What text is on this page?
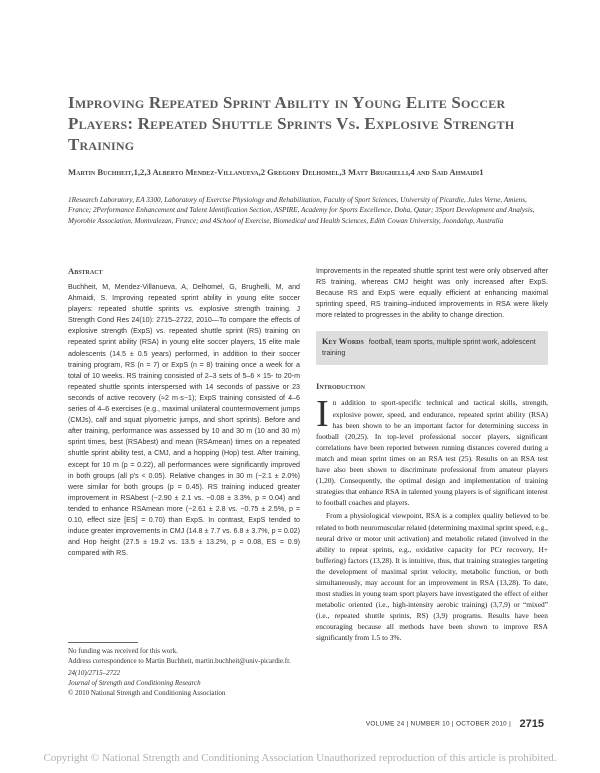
Improving Repeated Sprint Ability in Young Elite Soccer Players: Repeated Shuttle Sprints Vs. Explosive Strength Training
Martin Buchheit,1,2,3 Alberto Mendez-Villanueva,2 Gregory Delhomel,3 Matt Brughelli,4 and Said Ahmaidi1
1Research Laboratory, EA 3300, Laboratory of Exercise Physiology and Rehabilitation, Faculty of Sport Sciences, University of Picardie, Jules Verne, Amiens, France; 2Performance Enhancement and Talent Identification Section, ASPIRE, Academy for Sports Excellence, Doha, Qatar; 3Sport Development and Analysis, Myorobie Association, Montvalezan, France; and 4School of Exercise, Biomedical and Health Sciences, Edith Cowan University, Joondalup, Australia
Abstract

Buchheit, M, Mendez-Villanueva, A, Delhomel, G, Brughelli, M, and Ahmaidi, S. Improving repeated sprint ability in young elite soccer players: repeated shuttle sprints vs. explosive strength training. J Strength Cond Res 24(10): 2715–2722, 2010—To compare the effects of explosive strength (ExpS) vs. repeated shuttle sprint (RS) training on repeated sprint ability (RSA) in young elite soccer players, 15 elite male adolescents (14.5 ± 0.5 years) performed, in addition to their soccer training program, RS (n = 7) or ExpS (n = 8) training once a week for a total of 10 weeks. RS training consisted of 2–3 sets of 5–6 × 15- to 20-m repeated shuttle sprints interspersed with 14 seconds of passive or 23 seconds of active recovery (≈2 m·s−1); ExpS training consisted of 4–6 series of 4–6 exercises (e.g., maximal unilateral countermovement jumps (CMJs), calf and squat plyometric jumps, and short sprints). Before and after training, performance was assessed by 10 and 30 m (10 and 30 m) sprint times, best (RSAbest) and mean (RSAmean) times on a repeated shuttle sprint ability test, a CMJ, and a hopping (Hop) test. After training, except for 10 m (p = 0.22), all performances were significantly improved in both groups (all p's < 0.05). Relative changes in 30 m (−2.1 ± 2.0%) were similar for both groups (p = 0.45). RS training induced greater improvement in RSAbest (−2.90 ± 2.1 vs. −0.08 ± 3.3%, p = 0.04) and tended to enhance RSAmean more (−2.61 ± 2.8 vs. −0.75 ± 2.5%, p = 0.10, effect size [ES] = 0.70) than ExpS. In contrast, ExpS tended to induce greater improvements in CMJ (14.8 ± 7.7 vs. 6.8 ± 3.7%, p = 0.02) and Hop height (27.5 ± 19.2 vs. 13.5 ± 13.2%, p = 0.08, ES = 0.9) compared with RS.

Improvements in the repeated shuttle sprint test were only observed after RS training, whereas CMJ height was only increased after ExpS. Because RS and ExpS were equally efficient at enhancing maximal sprinting speed, RS training–induced improvements in RSA were likely more related to progresses in the ability to change direction.

Key Words football, team sports, multiple sprint work, adolescent training
Introduction

In addition to sport-specific technical and tactical skills, strength, explosive power, speed, and endurance, repeated sprint ability (RSA) has been shown to be an important factor for determining success in football (20,25). In top-level professional soccer players, significant correlations have been reported between running distances covered during a match and mean sprint times on an RSA test (25). Results on an RSA test have also been shown to discriminate professional from amateur players (1,20). Consequently, the optimal design and implementation of training strategies that enhance RSA in talented young players is of significant interest to football coaches and players.

From a physiological viewpoint, RSA is a complex quality believed to be related to both neuromuscular related (determining maximal sprint speed, e.g., neural drive or motor unit activation) and metabolic related (involved in the ability to repeat sprints, e.g., oxidative capacity for PCr recovery, H+ buffering) factors (13,28). It is intuitive, thus, that training strategies targeting the development of maximal sprint velocity, metabolic function, or both simultaneously, may account for an improvement in RSA (13,28). To date, most studies in young team sport players have investigated the effect of either metabolic oriented (i.e., high-intensity aerobic training) (3,7,9) or “mixed” (i.e., repeated shuttle sprints, RS) (3,9) programs. Results have been encouraging because all methods have been shown to improve RSA significantly from 1.5 to 3%.

No funding was received for this work.
Address correspondence to Martin Buchheit, martin.buchheit@univ-picardie.fr.
24(10)/2715–2722
Journal of Strength and Conditioning Research
© 2010 National Strength and Conditioning Association
VOLUME 24 | NUMBER 10 | OCTOBER 2010 | 2715
Copyright © National Strength and Conditioning Association Unauthorized reproduction of this article is prohibited.
